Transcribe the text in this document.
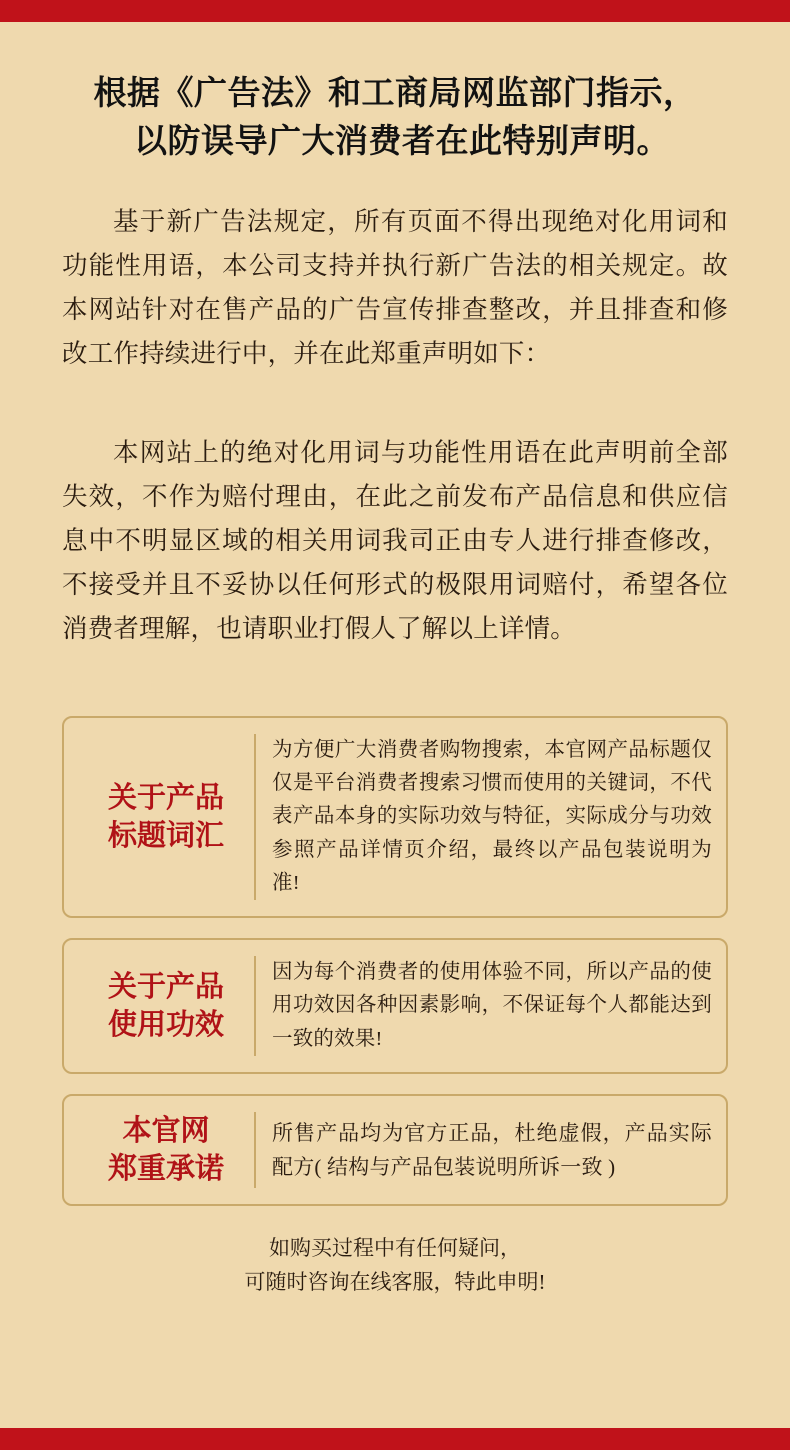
根据《广告法》和工商局网监部门指示，
以防误导广大消费者在此特别声明。

基于新广告法规定，所有页面不得出现绝对化用词和功能性用语，本公司支持并执行新广告法的相关规定。故本网站针对在售产品的广告宣传排查整改，并且排查和修改工作持续进行中，并在此郑重声明如下：

本网站上的绝对化用词与功能性用语在此声明前全部失效，不作为赔付理由，在此之前发布产品信息和供应信息中不明显区域的相关用词我司正由专人进行排查修改，不接受并且不妥协以任何形式的极限用词赔付，希望各位消费者理解，也请职业打假人了解以上详情。

关于产品
标题词汇
为方便广大消费者购物搜索，本官网产品标题仅仅是平台消费者搜索习惯而使用的关键词，不代表产品本身的实际功效与特征，实际成分与功效参照产品详情页介绍，最终以产品包装说明为准!
关于产品
使用功效
因为每个消费者的使用体验不同，所以产品的使用功效因各种因素影响，不保证每个人都能达到一致的效果!
本官网
郑重承诺
所售产品均为官方正品，杜绝虚假，产品实际配方( 结构与产品包装说明所诉一致 )
如购买过程中有任何疑问，
可随时咨询在线客服，特此申明!
